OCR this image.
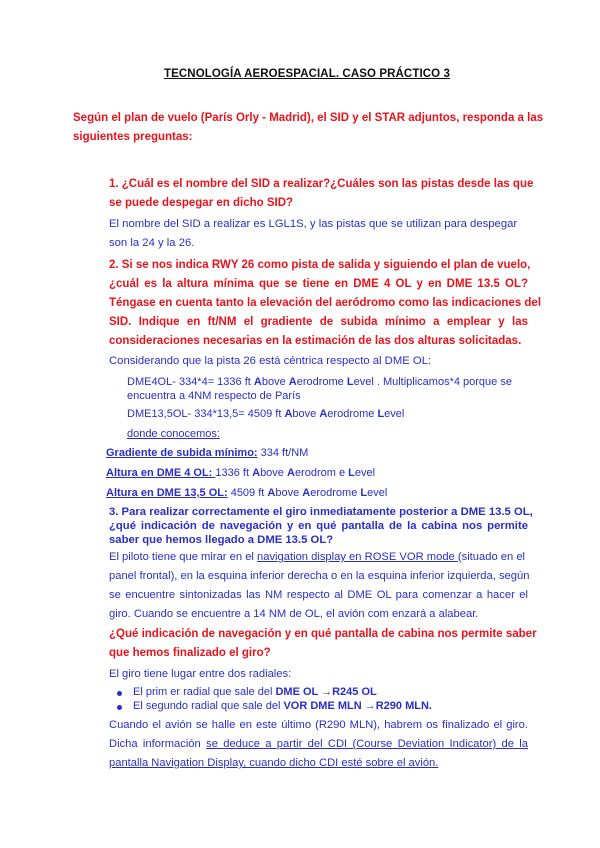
TECNOLOGÍA AEROESPACIAL. CASO PRÁCTICO 3
Según el plan de vuelo (París Orly - Madrid), el SID y el STAR adjuntos, responda a las
siguientes preguntas:
1. ¿Cuál es el nombre del SID a realizar?¿Cuáles son las pistas desde las que
se puede despegar en dicho SID?
El nombre del SID a realizar es LGL1S, y las pistas que se utilizan para despegar
son la 24 y la 26.
2. Si se nos indica RWY 26 como pista de salida y siguiendo el plan de vuelo,
¿cuál es la altura mínima que se tiene en DME 4 OL y en DME 13.5 OL?
Téngase en cuenta tanto la elevación del aeródromo como las indicaciones del
SID. Indique en ft/NM el gradiente de subida mínimo a emplear y las
consideraciones necesarias en la estimación de las dos alturas solicitadas.
Considerando que la pista 26 está céntrica respecto al DME OL:
DME4OL- 334*4= 1336 ft Above Aerodrome Level . Multiplicamos*4 porque se
encuentra a 4NM respecto de París
DME13,5OL- 334*13,5= 4509 ft Above Aerodrome Level
donde conocemos:
Gradiente de subida mínimo: 334 ft/NM
Altura en DME 4 OL: 1336 ft Above Aerodrom e Level
Altura en DME 13,5 OL: 4509 ft Above Aerodrome Level
3. Para realizar correctamente el giro inmediatamente posterior a DME 13.5 OL,
¿qué indicación de navegación y en qué pantalla de la cabina nos permite
saber que hemos llegado a DME 13.5 OL?
El piloto tiene que mirar en el navigation display en ROSE VOR mode (situado en el
panel frontal), en la esquina inferior derecha o en la esquina inferior izquierda, según
se encuentre sintonizadas las NM respecto al DME OL para comenzar a hacer el
giro. Cuando se encuentre a 14 NM de OL, el avión com enzará a alabear.
¿Qué indicación de navegación y en qué pantalla de cabina nos permite saber
que hemos finalizado el giro?
El giro tiene lugar entre dos radiales:
El prim er radial que sale del DME OL →R245 OL
El segundo radial que sale del VOR DME MLN →R290 MLN.
Cuando el avión se halle en este último (R290 MLN), habrem os finalizado el giro.
Dicha información se deduce a partir del CDI (Course Deviation Indicator) de la
pantalla Navigation Display, cuando dicho CDI esté sobre el avión.
